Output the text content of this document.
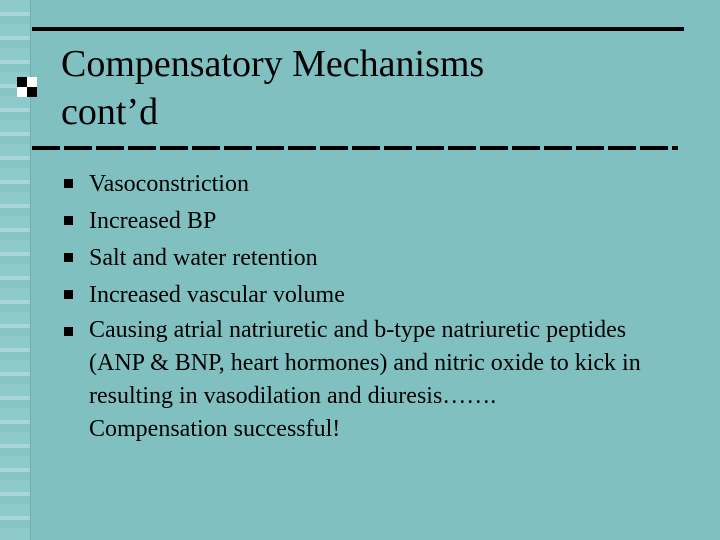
Compensatory Mechanisms
cont’d
Vasoconstriction
Increased BP
Salt and water retention
Increased vascular volume
Causing atrial natriuretic and b-type natriuretic peptides (ANP & BNP, heart hormones) and nitric oxide to kick in resulting in vasodilation and diuresis…….
Compensation successful!
